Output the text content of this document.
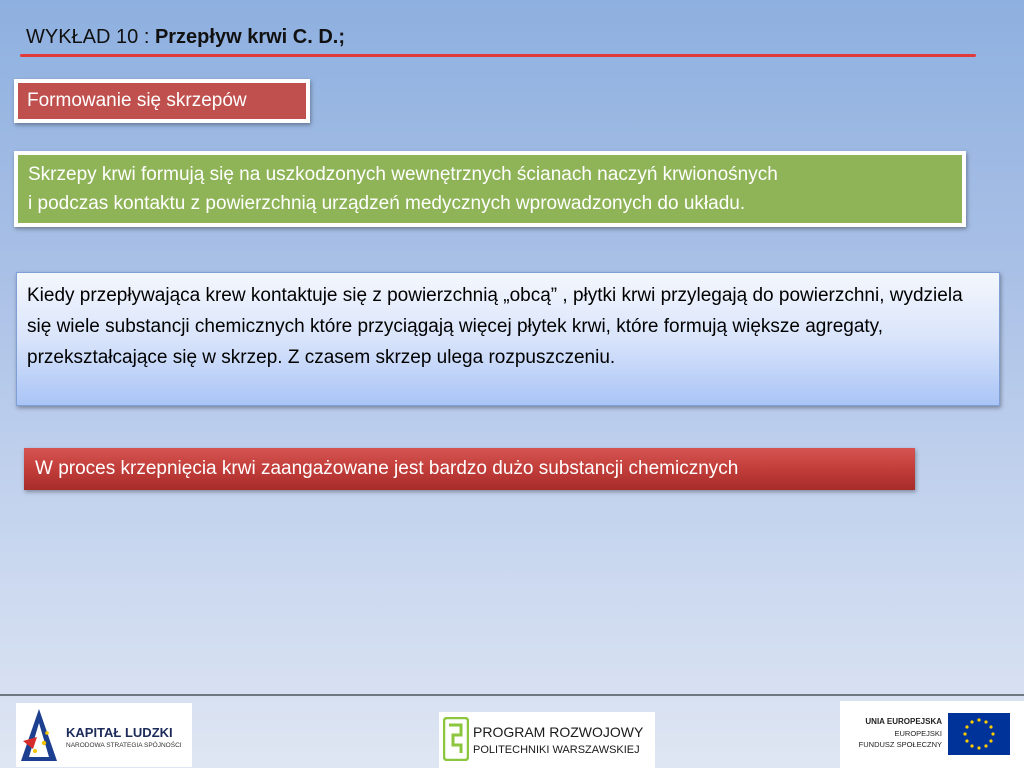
WYKŁAD 10 : Przepływ krwi C. D.;
Formowanie się skrzepów
Skrzepy krwi formują się na uszkodzonych wewnętrznych ścianach naczyń krwionośnych
i podczas kontaktu z powierzchnią urządzeń medycznych wprowadzonych do układu.
Kiedy przepływająca krew kontaktuje się z powierzchnią „obcą” , płytki krwi przylegają do powierzchni, wydziela się wiele substancji chemicznych które przyciągają więcej płytek krwi, które formują większe agregaty, przekształcające się w skrzep. Z czasem skrzep ulega rozpuszczeniu.
W proces krzepnięcia krwi zaangażowane jest bardzo dużo substancji chemicznych
KAPITAŁ LUDZKI
NARODOWA STRATEGIA SPÓJNOŚCI
PROGRAM ROZWOJOWY
POLITECHNIKI WARSZAWSKIEJ
UNIA EUROPEJSKA
EUROPEJSKI
FUNDUSZ SPOŁECZNY
